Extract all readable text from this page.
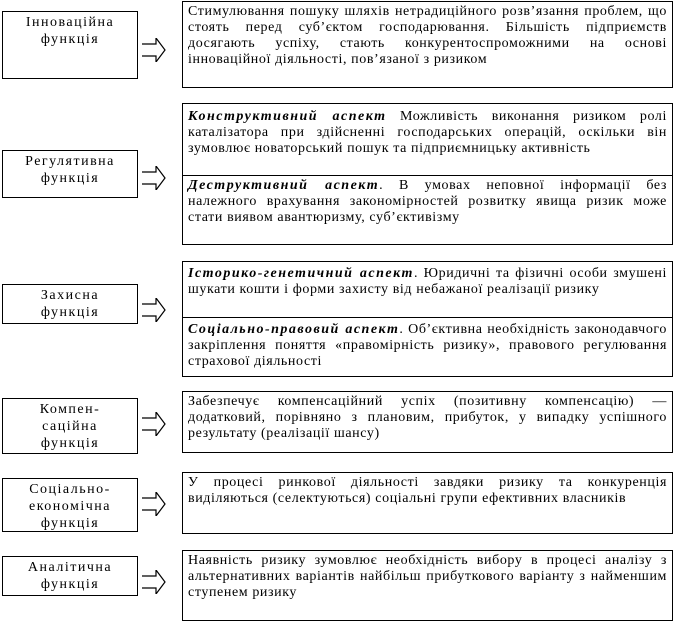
Інноваційна
функція
Стимулювання пошуку шляхів нетрадиційного розв’язання проблем, що стоять перед суб’єктом господарювання. Більшість підприємств досягають успіху, стають конкурентоспроможними на основі інноваційної діяльності, пов’язаної з ризиком
Регулятивна
функція
Конструктивний аспект Можливість виконання ризиком ролі каталізатора при здійсненні господарських операцій, оскільки він зумовлює новаторський пошук та підприємницьку активність
Деструктивний аспект. В умовах неповної інформації без належного врахування закономірностей розвитку явища ризик може стати виявом авантюризму, суб’єктивізму
Захисна
функція
Історико-генетичний аспект. Юридичні та фізичні особи змушені шукати кошти і форми захисту від небажаної реалізації ризику
Соціально-правовий аспект. Об’єктивна необхідність законодавчого закріплення поняття «правомірність ризику», правового регулювання страхової діяльності
Компен-
саційна
функція
Забезпечує компенсаційний успіх (позитивну компенсацію) — додатковий, порівняно з плановим, прибуток, у випадку успішного результату (реалізації шансу)
Соціально-
економічна
функція
У процесі ринкової діяльності завдяки ризику та конкуренція виділяються (селектуються) соціальні групи ефективних власників
Аналітична
функція
Наявність ризику зумовлює необхідність вибору в процесі аналізу з альтернативних варіантів найбільш прибуткового варіанту з найменшим ступенем ризику
